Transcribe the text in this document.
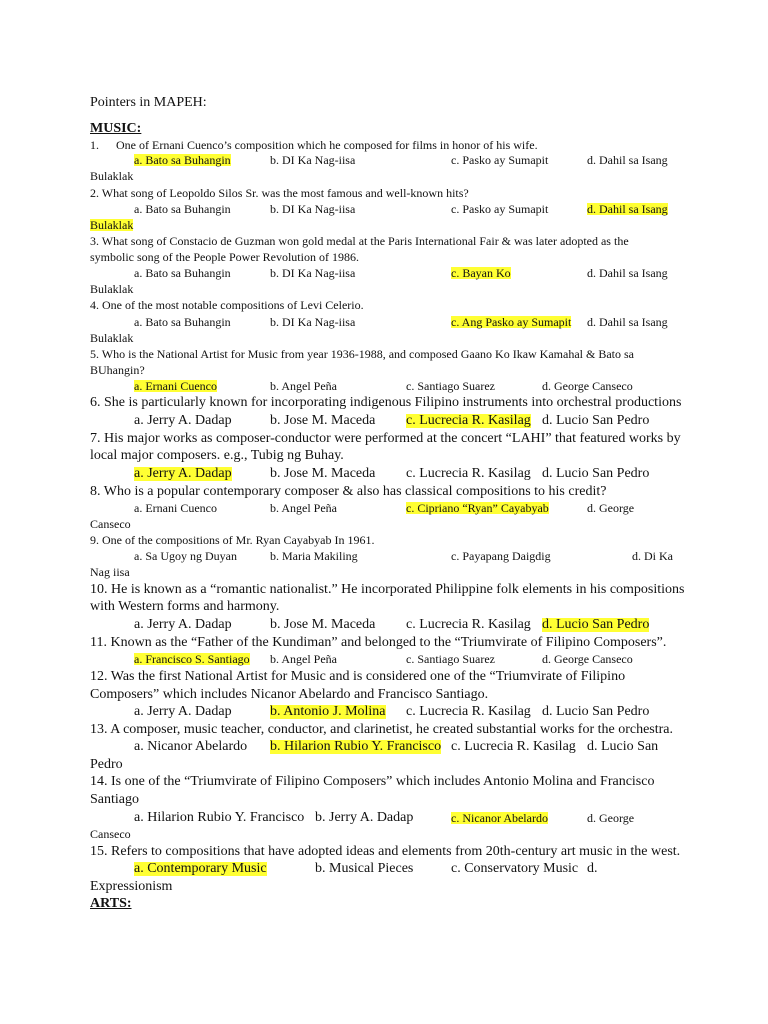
Pointers in MAPEH:
MUSIC:
1. One of Ernani Cuenco’s composition which he composed for films in honor of his wife.
a. Bato sa Buhangin	b. DI Ka Nag-iisa	c. Pasko ay Sumapit	d. Dahil sa Isang
Bulaklak
2. What song of Leopoldo Silos Sr. was the most famous and well-known hits?
a. Bato sa Buhangin	b. DI Ka Nag-iisa	c. Pasko ay Sumapit	d. Dahil sa Isang
Bulaklak
3. What song of Constacio de Guzman won gold medal at the Paris International Fair & was later adopted as the
symbolic song of the People Power Revolution of 1986.
a. Bato sa Buhangin	b. DI Ka Nag-iisa	c. Bayan Ko	d. Dahil sa Isang
Bulaklak
4. One of the most notable compositions of Levi Celerio.
a. Bato sa Buhangin	b. DI Ka Nag-iisa	c. Ang Pasko ay Sumapit d. Dahil sa Isang
Bulaklak
5. Who is the National Artist for Music from year 1936-1988, and composed Gaano Ko Ikaw Kamahal & Bato sa
BUhangin?
a. Ernani Cuenco	b. Angel Peña	c. Santiago Suarez	d. George Canseco
6. She is particularly known for incorporating indigenous Filipino instruments into orchestral productions
a. Jerry A. Dadap	b. Jose M. Maceda c. Lucrecia R. Kasilag d. Lucio San Pedro
7. His major works as composer-conductor were performed at the concert “LAHI” that featured works by
local major composers. e.g., Tubig ng Buhay.
a. Jerry A. Dadap	b. Jose M. Maceda c. Lucrecia R. Kasilag d. Lucio San Pedro
8. Who is a popular contemporary composer & also has classical compositions to his credit?
a. Ernani Cuenco	b. Angel Peña	c. Cipriano “Ryan” Cayabyab	d. George
Canseco
9. One of the compositions of Mr. Ryan Cayabyab In 1961.
a. Sa Ugoy ng Duyan	b. Maria Makiling	c. Payapang Daigdig	d. Di Ka
Nag iisa
10. He is known as a “romantic nationalist.” He incorporated Philippine folk elements in his compositions
with Western forms and harmony.
a. Jerry A. Dadap	b. Jose M. Maceda c. Lucrecia R. Kasilag d. Lucio San Pedro
11. Known as the “Father of the Kundiman” and belonged to the “Triumvirate of Filipino Composers”.
a. Francisco S. Santiago b. Angel Peña	c. Santiago Suarez	d. George Canseco
12. Was the first National Artist for Music and is considered one of the “Triumvirate of Filipino
Composers” which includes Nicanor Abelardo and Francisco Santiago.
a. Jerry A. Dadap	b. Antonio J. Molina c. Lucrecia R. Kasilag d. Lucio San Pedro
13. A composer, music teacher, conductor, and clarinetist, he created substantial works for the orchestra.
a. Nicanor Abelardo b. Hilarion Rubio Y. Francisco c. Lucrecia R. Kasilag d. Lucio San
Pedro
14. Is one of the “Triumvirate of Filipino Composers” which includes Antonio Molina and Francisco
Santiago
a. Hilarion Rubio Y. Francisco b. Jerry A. Dadap	c. Nicanor Abelardo	d. George
Canseco
15. Refers to compositions that have adopted ideas and elements from 20th-century art music in the west.
a. Contemporary Music	b. Musical Pieces	c. Conservatory Music d.
Expressionism
ARTS:
